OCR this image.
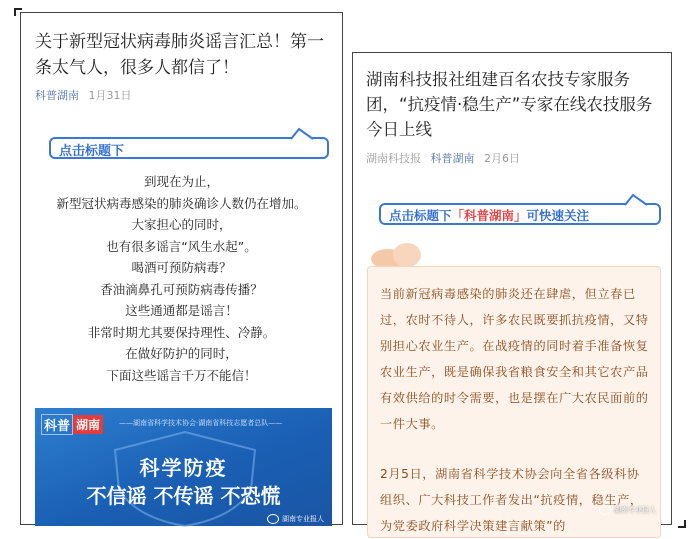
关于新型冠状病毒肺炎谣言汇总！第一条太气人，很多人都信了！
科普湖南 1月31日
点击标题下
到现在为止，
新型冠状病毒感染的肺炎确诊人数仍在增加。
大家担心的同时，
也有很多谣言“风生水起”。
喝酒可预防病毒？
香油滴鼻孔可预防病毒传播？
这些通通都是谣言！
非常时期尤其要保持理性、冷静。
在做好防护的同时，
下面这些谣言千万不能信！
科普 湖南	——湖南省科学技术协会·湖南省科技志愿者总队——
科学防疫
不信谣 不传谣 不恐慌
湖南专业报人
湖南科技报社组建百名农技专家服务团，“抗疫情·稳生产”专家在线农技服务今日上线
湖南科技报 科普湖南 2月6日
点击标题下「科普湖南」可快速关注
当前新冠病毒感染的肺炎还在肆虐，但立春已过，农时不待人，许多农民既要抓抗疫情，又特别担心农业生产。在战疫情的同时着手准备恢复农业生产，既是确保我省粮食安全和其它农产品有效供给的时令需要，也是摆在广大农民面前的一件大事。
2月5日，湖南省科学技术协会向全省各级科协组织、广大科技工作者发出“抗疫情，稳生产，为党委政府科学决策建言献策”的
湖南专业报人
